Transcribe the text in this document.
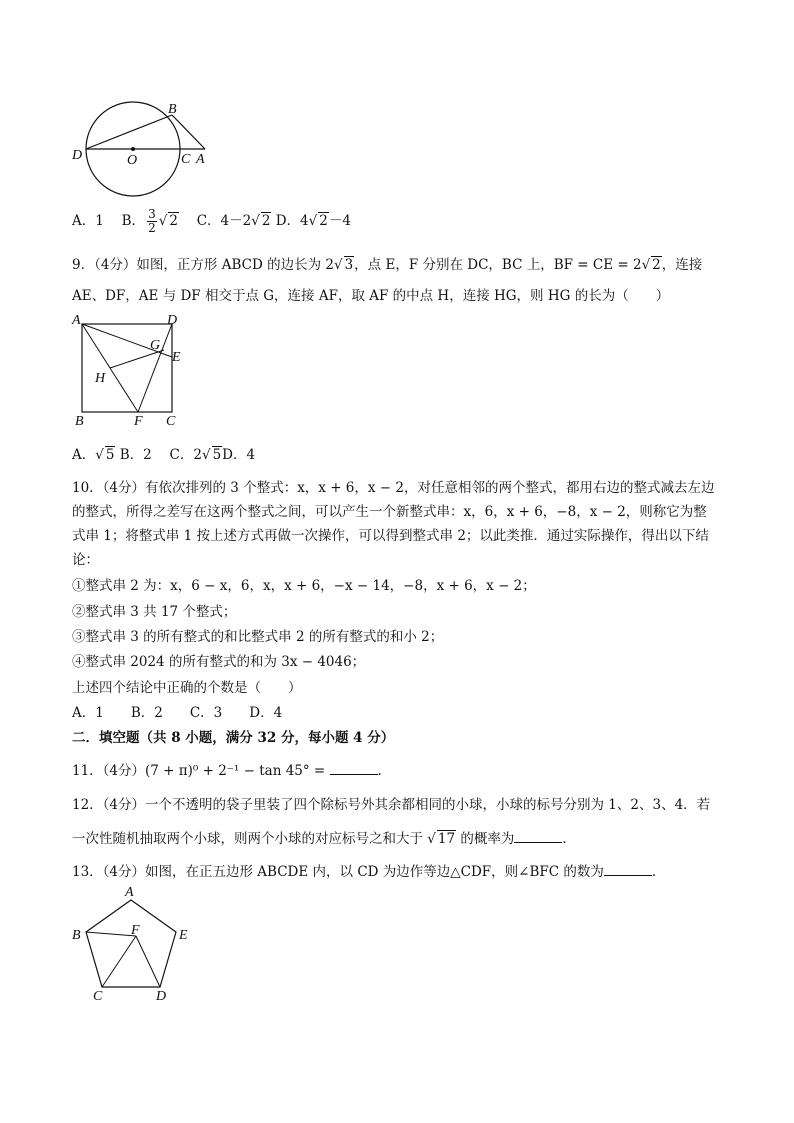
B
D	O	C A
A．1　 B． $\frac{3}{2}$ √ 2　 C．4－2√ 2 D．4√ 2－4
9．（4分）如图，正方形 ABCD 的边长为 2√ 3，点 E，F 分别在 DC，BC 上，BF = CE = 2√ 2，连接
AE、DF，AE 与 DF 相交于点 G，连接 AF，取 AF 的中点 H，连接 HG，则 HG 的长为（　　）
A	D
G
E
H
B	F C
A．√ 5 B．2　 C．2√ 5D．4
10．（4分）有依次排列的 3 个整式：x，x + 6，x − 2，对任意相邻的两个整式，都用右边的整式减去左边
的整式，所得之差写在这两个整式之间，可以产生一个新整式串：x，6，x + 6，−8，x − 2，则称它为整
式串 1；将整式串 1 按上述方式再做一次操作，可以得到整式串 2；以此类推．通过实际操作，得出以下结
论：
①整式串 2 为：x，6 − x，6，x，x + 6，−x − 14，−8，x + 6，x − 2；
②整式串 3 共 17 个整式；
③整式串 3 的所有整式的和比整式串 2 的所有整式的和小 2；
④整式串 2024 的所有整式的和为 3x − 4046；
上述四个结论中正确的个数是（　　）
A．1　　B．2　　C．3　　D．4
二．填空题（共 8 小题，满分 32 分，每小题 4 分）
11．（4分）(7 + π)⁰ + 2⁻¹ − tan 45° =	．
12．（4分）一个不透明的袋子里装了四个除标号外其余都相同的小球，小球的标号分别为 1、2、3、4．若
一次性随机抽取两个小球，则两个小球的对应标号之和大于 √ 17 的概率为	．
13．（4分）如图，在正五边形 ABCDE 内，以 CD 为边作等边△CDF，则∠BFC 的数为	．
A
B	F	E
C	D
